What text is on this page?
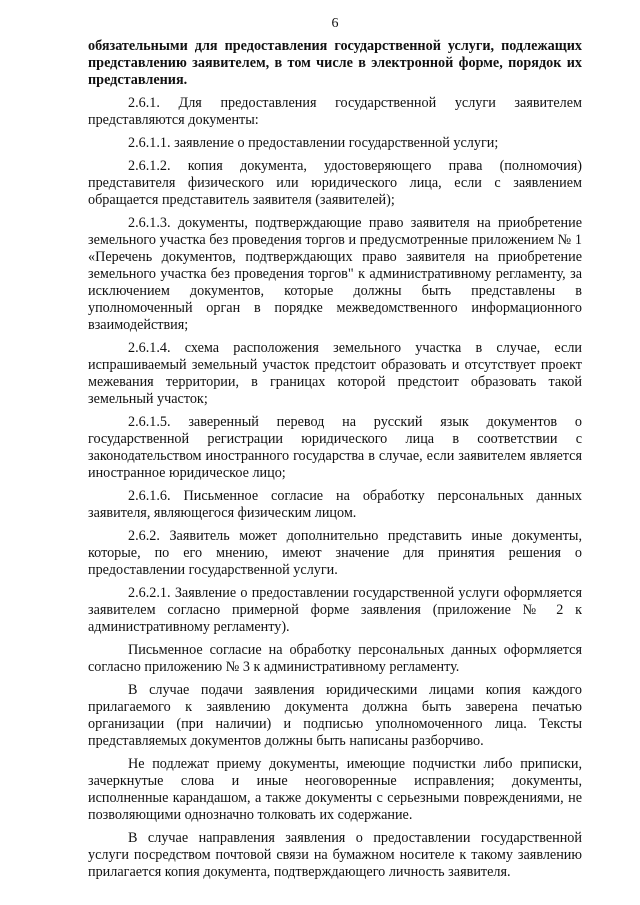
6

обязательными для предоставления государственной услуги, подлежащих представлению заявителем, в том числе в электронной форме, порядок их представления.

2.6.1. Для предоставления государственной услуги заявителем представляются документы:

2.6.1.1. заявление о предоставлении государственной услуги;

2.6.1.2. копия документа, удостоверяющего права (полномочия) представителя физического или юридического лица, если с заявлением обращается представитель заявителя (заявителей);

2.6.1.3. документы, подтверждающие право заявителя на приобретение земельного участка без проведения торгов и предусмотренные приложением № 1 «Перечень документов, подтверждающих право заявителя на приобретение земельного участка без проведения торгов" к административному регламенту, за исключением документов, которые должны быть представлены в уполномоченный орган в порядке межведомственного информационного взаимодействия;

2.6.1.4. схема расположения земельного участка в случае, если испрашиваемый земельный участок предстоит образовать и отсутствует проект межевания территории, в границах которой предстоит образовать такой земельный участок;

2.6.1.5. заверенный перевод на русский язык документов о государственной регистрации юридического лица в соответствии с законодательством иностранного государства в случае, если заявителем является иностранное юридическое лицо;

2.6.1.6. Письменное согласие на обработку персональных данных заявителя, являющегося физическим лицом.

2.6.2. Заявитель может дополнительно представить иные документы, которые, по его мнению, имеют значение для принятия решения о предоставлении государственной услуги.

2.6.2.1. Заявление о предоставлении государственной услуги оформляется заявителем согласно примерной форме заявления (приложение № 2 к административному регламенту).

Письменное согласие на обработку персональных данных оформляется согласно приложению № 3 к административному регламенту.

В случае подачи заявления юридическими лицами копия каждого прилагаемого к заявлению документа должна быть заверена печатью организации (при наличии) и подписью уполномоченного лица. Тексты представляемых документов должны быть написаны разборчиво.

Не подлежат приему документы, имеющие подчистки либо приписки, зачеркнутые слова и иные неоговоренные исправления; документы, исполненные карандашом, а также документы с серьезными повреждениями, не позволяющими однозначно толковать их содержание.

В случае направления заявления о предоставлении государственной услуги посредством почтовой связи на бумажном носителе к такому заявлению прилагается копия документа, подтверждающего личность заявителя.
